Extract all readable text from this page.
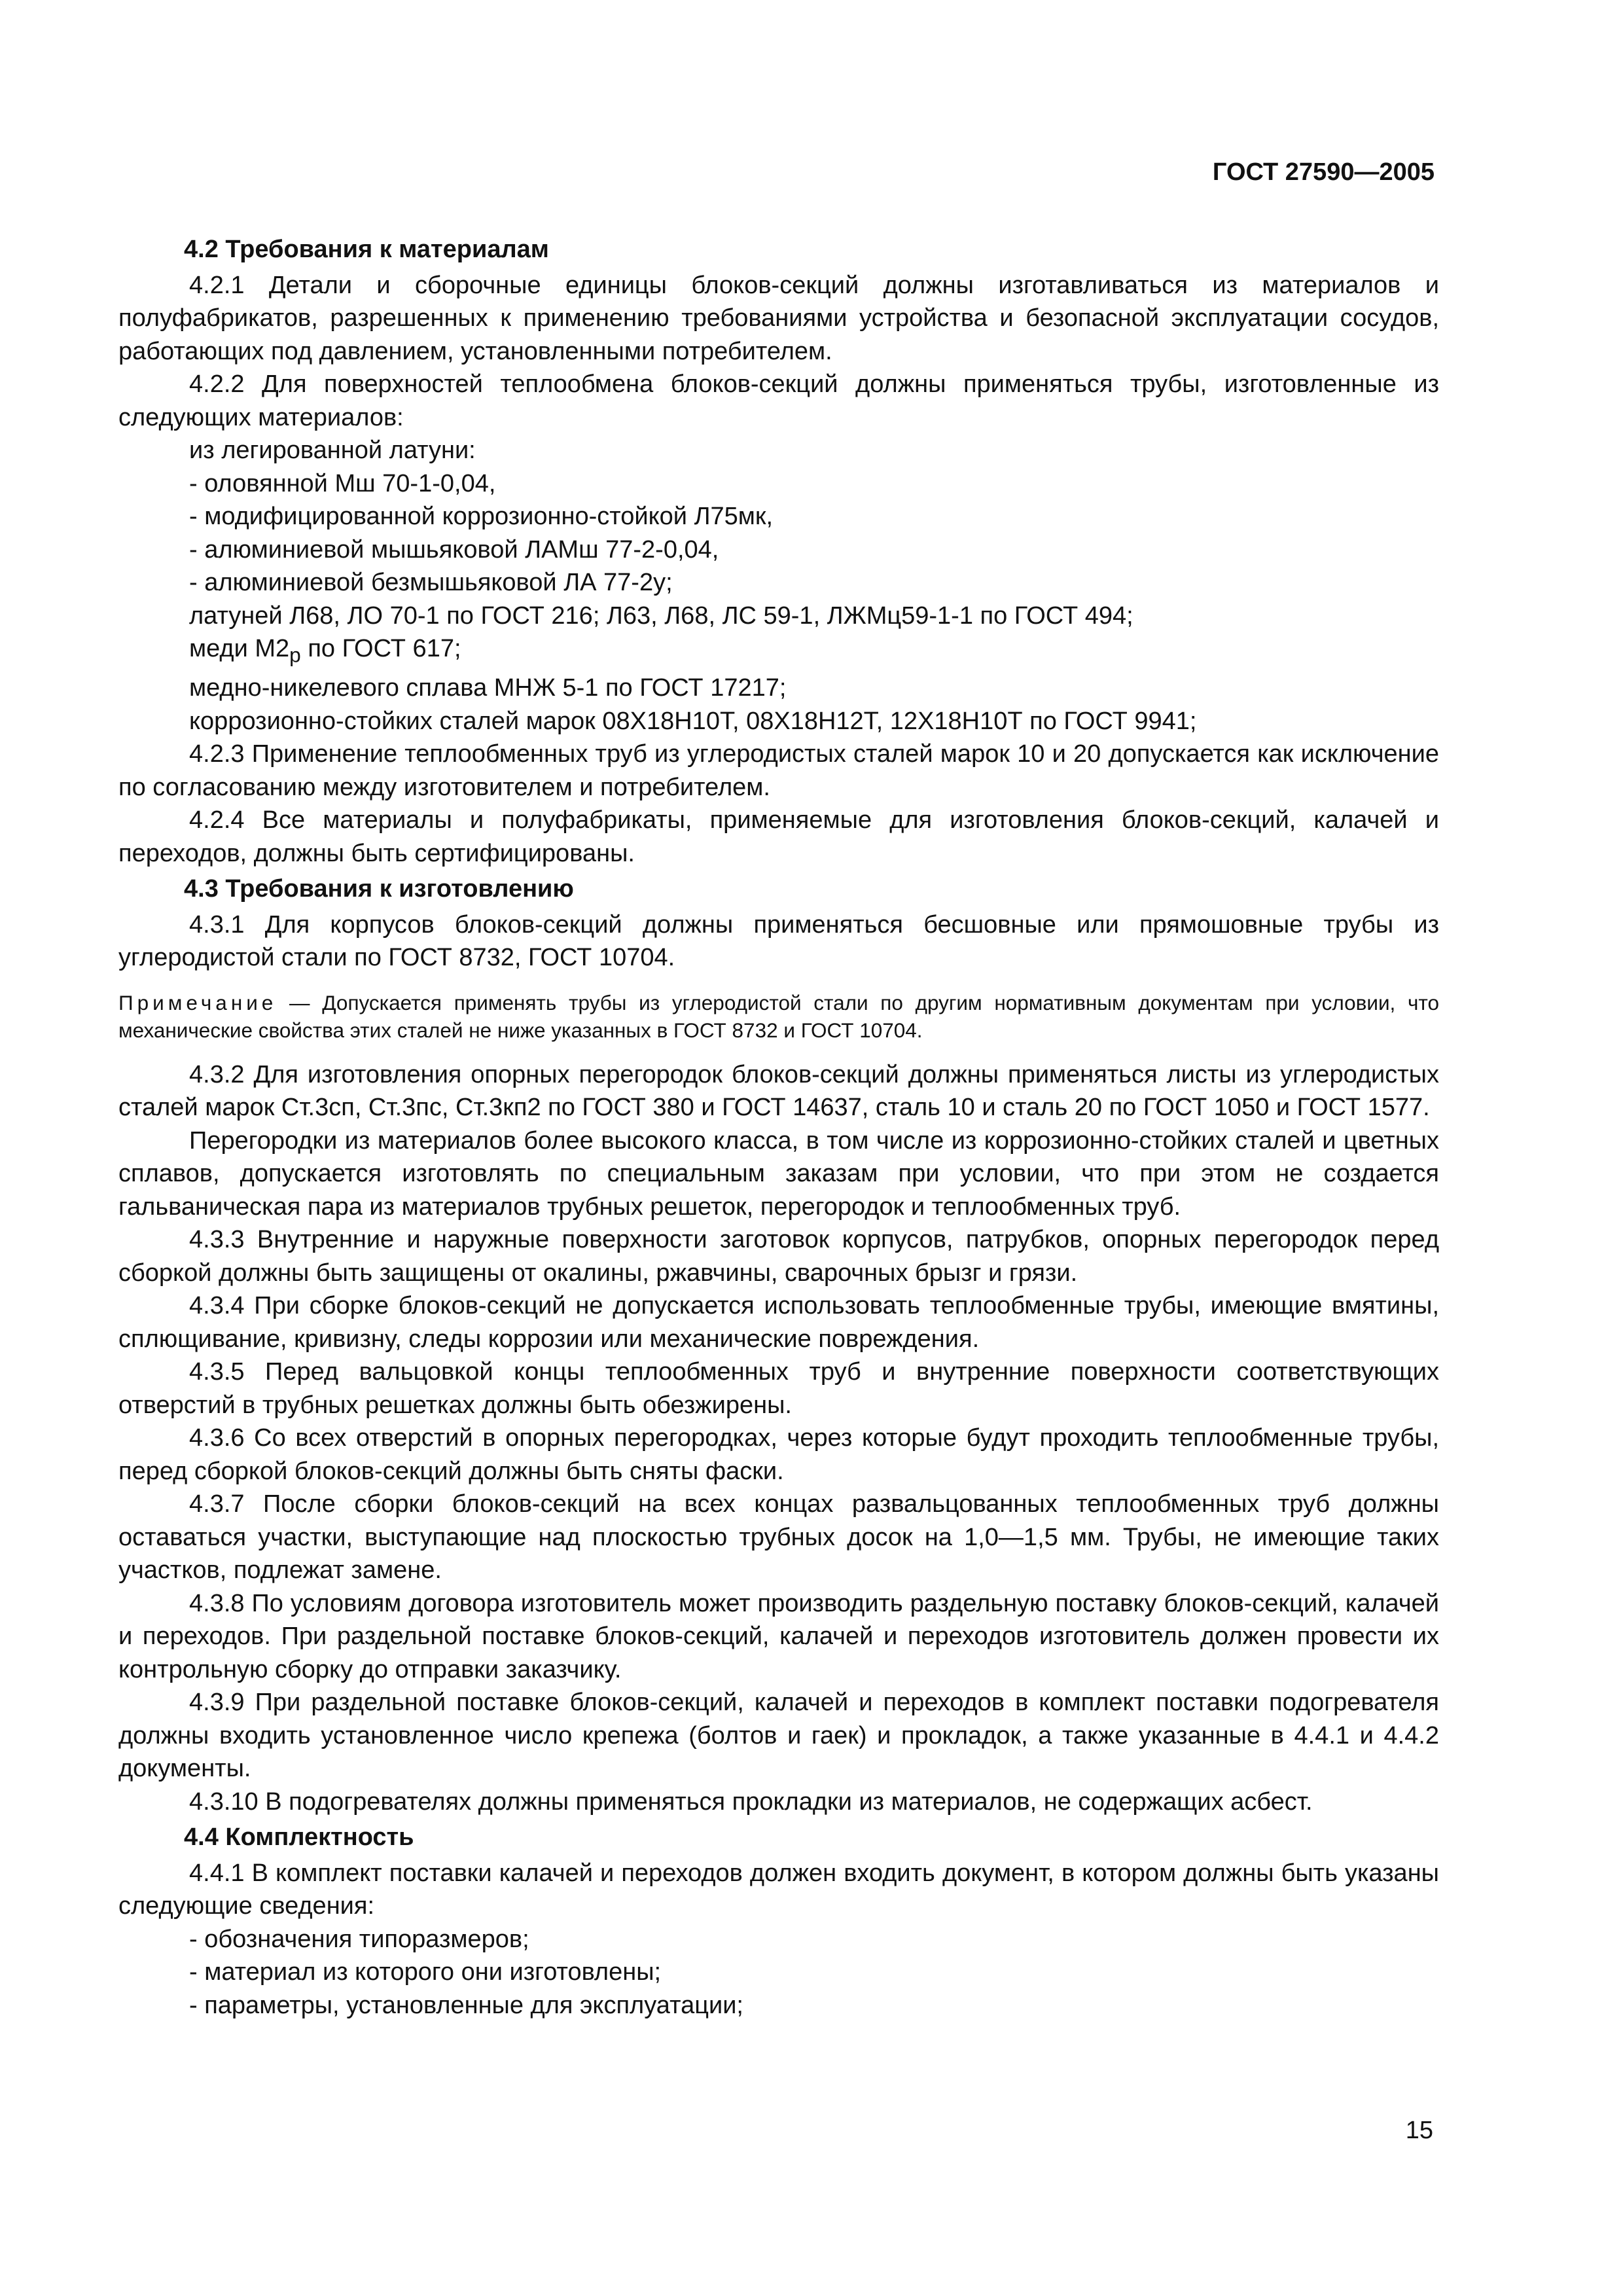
ГОСТ 27590—2005

4.2 Требования к материалам

4.2.1 Детали и сборочные единицы блоков-секций должны изготавливаться из материалов и полуфабрикатов, разрешенных к применению требованиями устройства и безопасной эксплуатации сосудов, работающих под давлением, установленными потребителем.

4.2.2 Для поверхностей теплообмена блоков-секций должны применяться трубы, изготовленные из следующих материалов:

из легированной латуни:

- оловянной Мш 70-1-0,04,

- модифицированной коррозионно-стойкой Л75мк,

- алюминиевой мышьяковой ЛАМш 77-2-0,04,

- алюминиевой безмышьяковой ЛА 77-2у;

латуней Л68, ЛО 70-1 по ГОСТ 216; Л63, Л68, ЛС 59-1, ЛЖМц59-1-1 по ГОСТ 494;

меди $М2_р$ по ГОСТ 617;

медно-никелевого сплава МНЖ 5-1 по ГОСТ 17217;

коррозионно-стойких сталей марок 08Х18Н10Т, 08Х18Н12Т, 12Х18Н10Т по ГОСТ 9941;

4.2.3 Применение теплообменных труб из углеродистых сталей марок 10 и 20 допускается как исключение по согласованию между изготовителем и потребителем.

4.2.4 Все материалы и полуфабрикаты, применяемые для изготовления блоков-секций, калачей и переходов, должны быть сертифицированы.

4.3 Требования к изготовлению

4.3.1 Для корпусов блоков-секций должны применяться бесшовные или прямошовные трубы из углеродистой стали по ГОСТ 8732, ГОСТ 10704.

Примечание — Допускается применять трубы из углеродистой стали по другим нормативным документам при условии, что механические свойства этих сталей не ниже указанных в ГОСТ 8732 и ГОСТ 10704.

4.3.2 Для изготовления опорных перегородок блоков-секций должны применяться листы из углеродистых сталей марок Ст.3сп, Ст.3пс, Ст.3кп2 по ГОСТ 380 и ГОСТ 14637, сталь 10 и сталь 20 по ГОСТ 1050 и ГОСТ 1577.

Перегородки из материалов более высокого класса, в том числе из коррозионно-стойких сталей и цветных сплавов, допускается изготовлять по специальным заказам при условии, что при этом не создается гальваническая пара из материалов трубных решеток, перегородок и теплообменных труб.

4.3.3 Внутренние и наружные поверхности заготовок корпусов, патрубков, опорных перегородок перед сборкой должны быть защищены от окалины, ржавчины, сварочных брызг и грязи.

4.3.4 При сборке блоков-секций не допускается использовать теплообменные трубы, имеющие вмятины, сплющивание, кривизну, следы коррозии или механические повреждения.

4.3.5 Перед вальцовкой концы теплообменных труб и внутренние поверхности соответствующих отверстий в трубных решетках должны быть обезжирены.

4.3.6 Со всех отверстий в опорных перегородках, через которые будут проходить теплообменные трубы, перед сборкой блоков-секций должны быть сняты фаски.

4.3.7 После сборки блоков-секций на всех концах развальцованных теплообменных труб должны оставаться участки, выступающие над плоскостью трубных досок на 1,0—1,5 мм. Трубы, не имеющие таких участков, подлежат замене.

4.3.8 По условиям договора изготовитель может производить раздельную поставку блоков-секций, калачей и переходов. При раздельной поставке блоков-секций, калачей и переходов изготовитель должен провести их контрольную сборку до отправки заказчику.

4.3.9 При раздельной поставке блоков-секций, калачей и переходов в комплект поставки подогревателя должны входить установленное число крепежа (болтов и гаек) и прокладок, а также указанные в 4.4.1 и 4.4.2 документы.

4.3.10 В подогревателях должны применяться прокладки из материалов, не содержащих асбест.

4.4 Комплектность

4.4.1 В комплект поставки калачей и переходов должен входить документ, в котором должны быть указаны следующие сведения:

- обозначения типоразмеров;

- материал из которого они изготовлены;

- параметры, установленные для эксплуатации;

15
